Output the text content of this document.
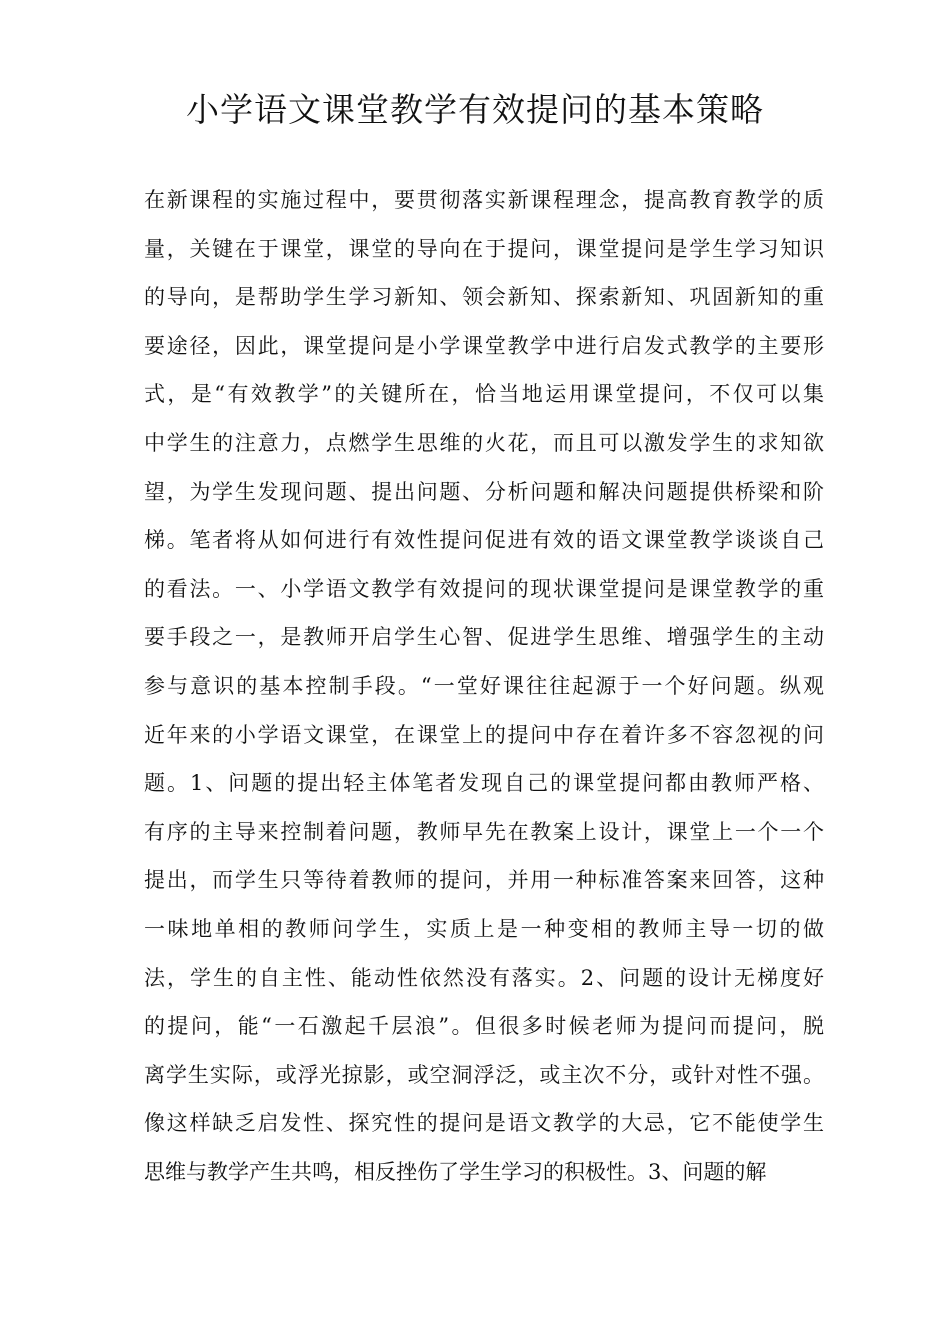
小学语文课堂教学有效提问的基本策略
在新课程的实施过程中，要贯彻落实新课程理念，提高教育教学的质
量，关键在于课堂，课堂的导向在于提问，课堂提问是学生学习知识
的导向，是帮助学生学习新知、领会新知、探索新知、巩固新知的重
要途径，因此，课堂提问是小学课堂教学中进行启发式教学的主要形
式，是“有效教学”的关键所在，恰当地运用课堂提问，不仅可以集
中学生的注意力，点燃学生思维的火花，而且可以激发学生的求知欲
望，为学生发现问题、提出问题、分析问题和解决问题提供桥梁和阶
梯。笔者将从如何进行有效性提问促进有效的语文课堂教学谈谈自己
的看法。一、小学语文教学有效提问的现状课堂提问是课堂教学的重
要手段之一，是教师开启学生心智、促进学生思维、增强学生的主动
参与意识的基本控制手段。“一堂好课往往起源于一个好问题。纵观
近年来的小学语文课堂，在课堂上的提问中存在着许多不容忽视的问
题。1、问题的提出轻主体笔者发现自己的课堂提问都由教师严格、
有序的主导来控制着问题，教师早先在教案上设计，课堂上一个一个
提出，而学生只等待着教师的提问，并用一种标准答案来回答，这种
一味地单相的教师问学生，实质上是一种变相的教师主导一切的做
法，学生的自主性、能动性依然没有落实。2、问题的设计无梯度好
的提问，能“一石激起千层浪”。但很多时候老师为提问而提问，脱
离学生实际，或浮光掠影，或空洞浮泛，或主次不分，或针对性不强。
像这样缺乏启发性、探究性的提问是语文教学的大忌，它不能使学生
思维与教学产生共鸣，相反挫伤了学生学习的积极性。3、问题的解
